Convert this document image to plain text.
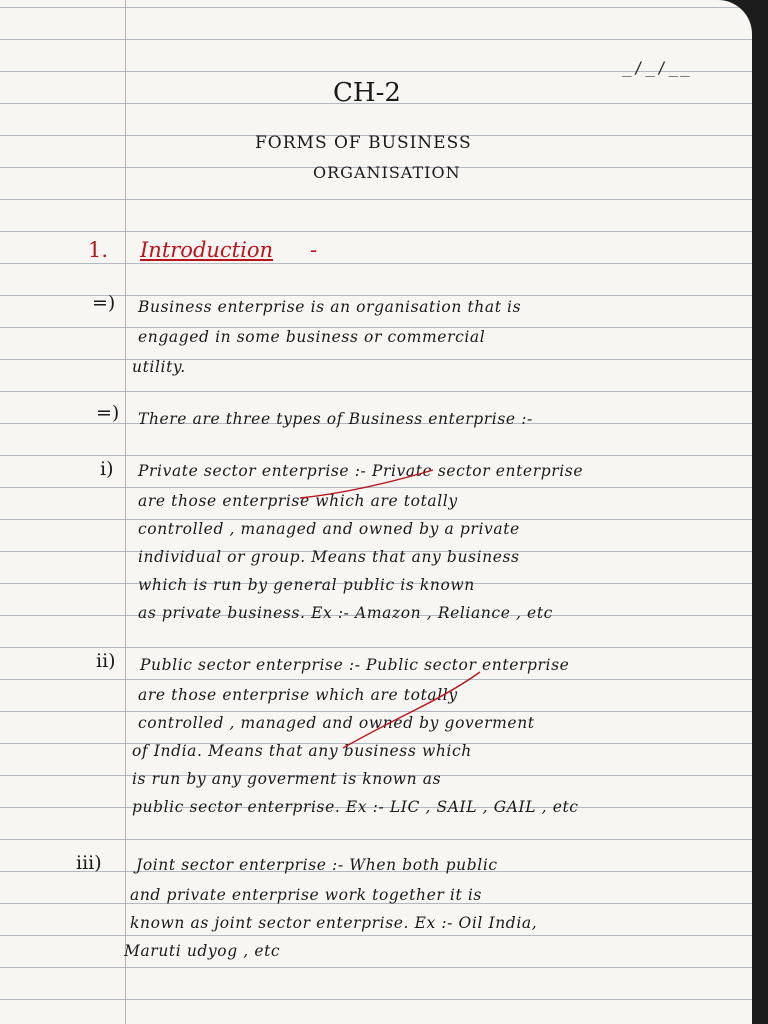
_/_/__
CH-2
FORMS OF BUSINESS
ORGANISATION
1. Introduction -
=) Business enterprise is an organisation that is
engaged in some business or commercial
utility.
=) There are three types of Business enterprise :-
i) Private sector enterprise :- Private sector enterprise
are those enterprise which are totally
controlled , managed and owned by a private
individual or group. Means that any business
which is run by general public is known
as private business. Ex :- Amazon , Reliance , etc
ii) Public sector enterprise :- Public sector enterprise
are those enterprise which are totally
controlled , managed and owned by goverment
of India. Means that any business which
is run by any goverment is known as
public sector enterprise. Ex :- LIC , SAIL , GAIL , etc
iii) Joint sector enterprise :- When both public
and private enterprise work together it is
known as joint sector enterprise. Ex :- Oil India,
Maruti udyog , etc
